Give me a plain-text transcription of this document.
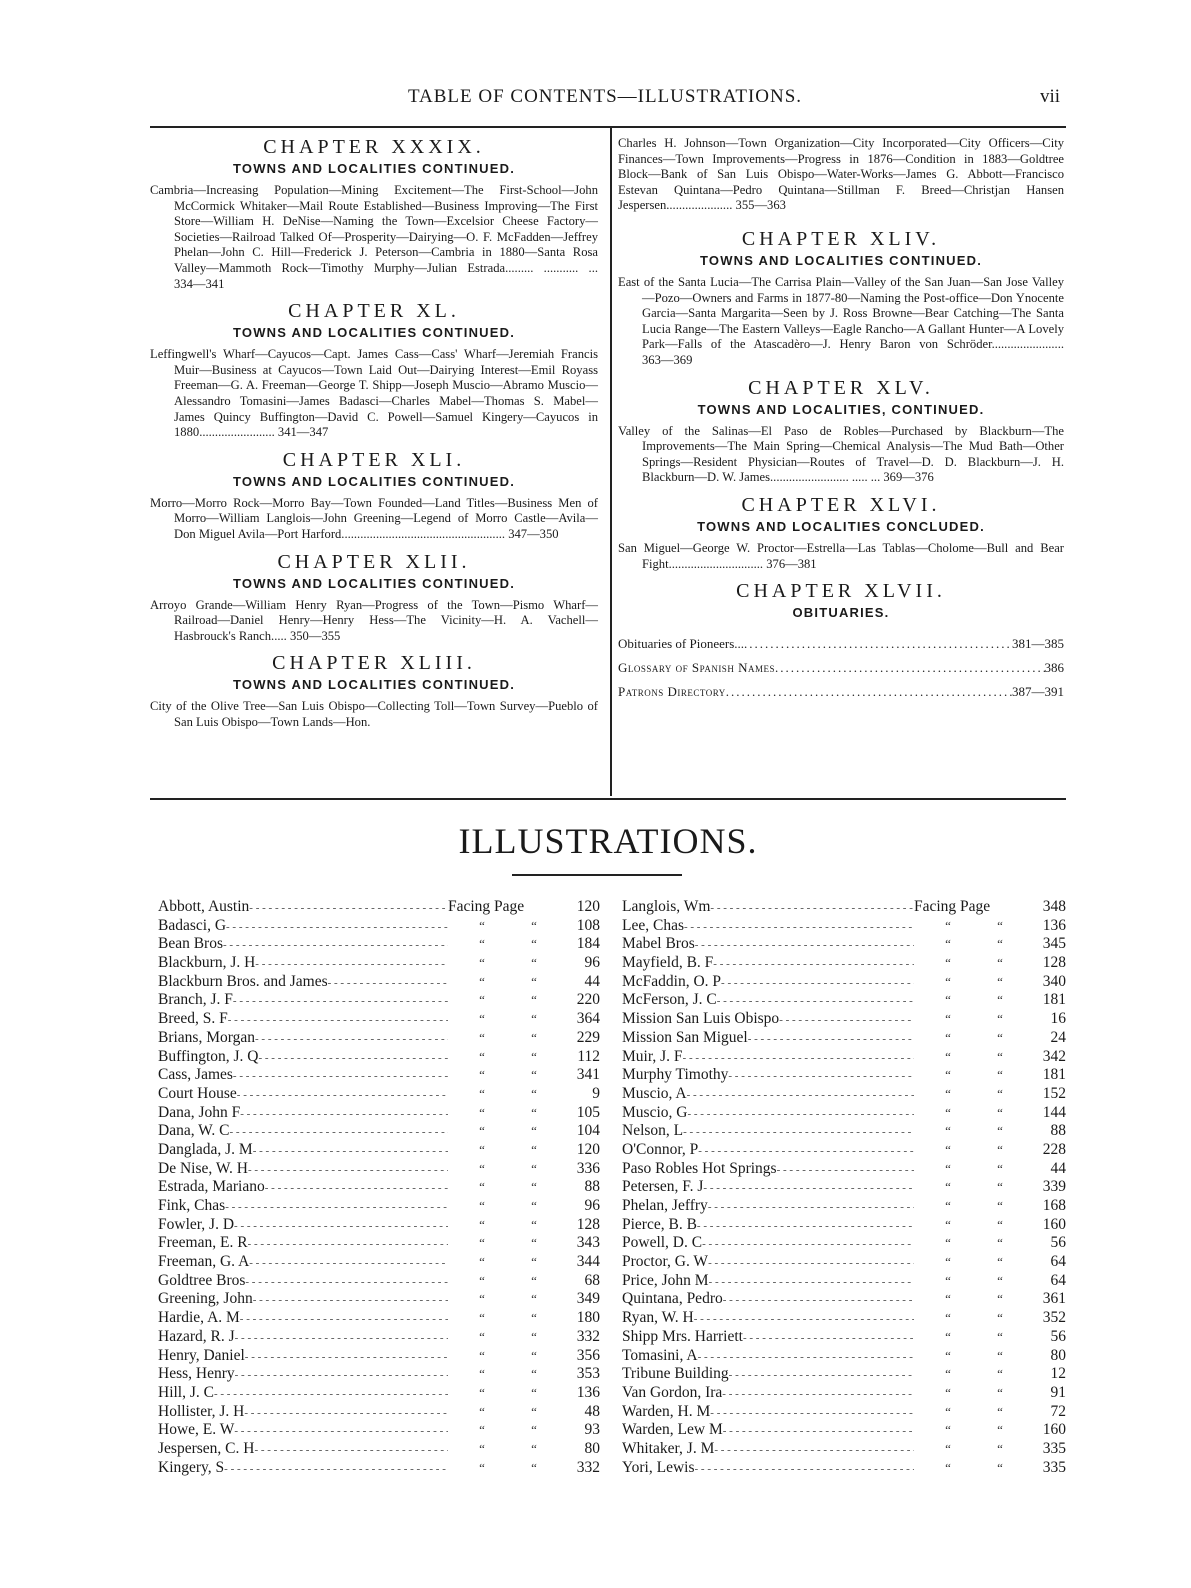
TABLE OF CONTENTS—ILLUSTRATIONS.	vii
CHAPTER XXXIX.
TOWNS AND LOCALITIES CONTINUED.

Cambria—Increasing Population—Mining Excitement—The First-School—John McCormick Whitaker—Mail Route Established—Business Improving—The First Store—William H. DeNise—Naming the Town—Excelsior Cheese Factory—Societies—Railroad Talked Of—Prosperity—Dairying—O. F. McFadden—Jeffrey Phelan—John C. Hill—Frederick J. Peterson—Cambria in 1880—Santa Rosa Valley—Mammoth Rock—Timothy Murphy—Julian Estrada......... ........... ... 334—341

CHAPTER XL.
TOWNS AND LOCALITIES CONTINUED.

Leffingwell's Wharf—Cayucos—Capt. James Cass—Cass' Wharf—Jeremiah Francis Muir—Business at Cayucos—Town Laid Out—Dairying Interest—Emil Royass Freeman—G. A. Freeman—George T. Shipp—Joseph Muscio—Abramo Muscio—Alessandro Tomasini—James Badasci—Charles Mabel—Thomas S. Mabel—James Quincy Buffington—David C. Powell—Samuel Kingery—Cayucos in 1880........................ 341—347

CHAPTER XLI.
TOWNS AND LOCALITIES CONTINUED.

Morro—Morro Rock—Morro Bay—Town Founded—Land Titles—Business Men of Morro—William Langlois—John Greening—Legend of Morro Castle—Avila—Don Miguel Avila—Port Harford.................................................... 347—350

CHAPTER XLII.
TOWNS AND LOCALITIES CONTINUED.

Arroyo Grande—William Henry Ryan—Progress of the Town—Pismo Wharf—Railroad—Daniel Henry—Henry Hess—The Vicinity—H. A. Vachell—Hasbrouck's Ranch..... 350—355

CHAPTER XLIII.
TOWNS AND LOCALITIES CONTINUED.

City of the Olive Tree—San Luis Obispo—Collecting Toll—Town Survey—Pueblo of San Luis Obispo—Town Lands—Hon.

Charles H. Johnson—Town Organization—City Incorporated—City Officers—City Finances—Town Improvements—Progress in 1876—Condition in 1883—Goldtree Block—Bank of San Luis Obispo—Water-Works—James G. Abbott—Francisco Estevan Quintana—Pedro Quintana—Stillman F. Breed—Christjan Hansen Jespersen..................... 355—363

CHAPTER XLIV.
TOWNS AND LOCALITIES CONTINUED.

East of the Santa Lucia—The Carrisa Plain—Valley of the San Juan—San Jose Valley—Pozo—Owners and Farms in 1877-80—Naming the Post-office—Don Ynocente Garcia—Santa Margarita—Seen by J. Ross Browne—Bear Catching—The Santa Lucia Range—The Eastern Valleys—Eagle Rancho—A Gallant Hunter—A Lovely Park—Falls of the Atascadèro—J. Henry Baron von Schröder....................... 363—369

CHAPTER XLV.
TOWNS AND LOCALITIES, CONTINUED.

Valley of the Salinas—El Paso de Robles—Purchased by Blackburn—The Improvements—The Main Spring—Chemical Analysis—The Mud Bath—Other Springs—Resident Physician—Routes of Travel—D. D. Blackburn—J. H. Blackburn—D. W. James......................... ..... ... 369—376

CHAPTER XLVI.
TOWNS AND LOCALITIES CONCLUDED.

San Miguel—George W. Proctor—Estrella—Las Tablas—Cholome—Bull and Bear Fight.............................. 376—381

CHAPTER XLVII.
OBITUARIES.
Obituaries of Pioneers... .....	381—385
Glossary of Spanish Names .....	386
Patrons Directory .....	387—391
ILLUSTRATIONS.
Abbott, Austin - - -	Facing Page	120
Badasci, G - - -	“	“	108
Bean Bros - - -	“	“	184
Blackburn, J. H - - -	“	“	96
Blackburn Bros. and James - - -	“	“	44
Branch, J. F - - -	“	“	220
Breed, S. F - - -	“	“	364
Brians, Morgan - - -	“	“	229
Buffington, J. Q - - -	“	“	112
Cass, James - - -	“	“	341
Court House - - -	“	“	9
Dana, John F - - -	“	“	105
Dana, W. C - - -	“	“	104
Danglada, J. M - - -	“	“	120
De Nise, W. H - - -	“	“	336
Estrada, Mariano - - -	“	“	88
Fink, Chas - - -	“	“	96
Fowler, J. D - - -	“	“	128
Freeman, E. R - - -	“	“	343
Freeman, G. A - - -	“	“	344
Goldtree Bros - - -	“	“	68
Greening, John - - -	“	“	349
Hardie, A. M - - -	“	“	180
Hazard, R. J - - -	“	“	332
Henry, Daniel - - -	“	“	356
Hess, Henry - - -	“	“	353
Hill, J. C - - -	“	“	136
Hollister, J. H - - -	“	“	48
Howe, E. W - - -	“	“	93
Jespersen, C. H - - -	“	“	80
Kingery, S - - -	“	“	332
Langlois, Wm - - -	Facing Page	348
Lee, Chas - - -	“	“	136
Mabel Bros - - -	“	“	345
Mayfield, B. F - - -	“	“	128
McFaddin, O. P - - -	“	“	340
McFerson, J. C - - -	“	“	181
Mission San Luis Obispo - - -	“	“	16
Mission San Miguel - - -	“	“	24
Muir, J. F - - -	“	“	342
Murphy Timothy - - -	“	“	181
Muscio, A - - -	“	“	152
Muscio, G - - -	“	“	144
Nelson, L - - -	“	“	88
O'Connor, P - - -	“	“	228
Paso Robles Hot Springs - - -	“	“	44
Petersen, F. J - - -	“	“	339
Phelan, Jeffry - - -	“	“	168
Pierce, B. B - - -	“	“	160
Powell, D. C - - -	“	“	56
Proctor, G. W - - -	“	“	64
Price, John M - - -	“	“	64
Quintana, Pedro - - -	“	“	361
Ryan, W. H - - -	“	“	352
Shipp Mrs. Harriett - - -	“	“	56
Tomasini, A - - -	“	“	80
Tribune Building - - -	“	“	12
Van Gordon, Ira - - -	“	“	91
Warden, H. M - - -	“	“	72
Warden, Lew M - - -	“	“	160
Whitaker, J. M - - -	“	“	335
Yori, Lewis - - -	“	“	335
